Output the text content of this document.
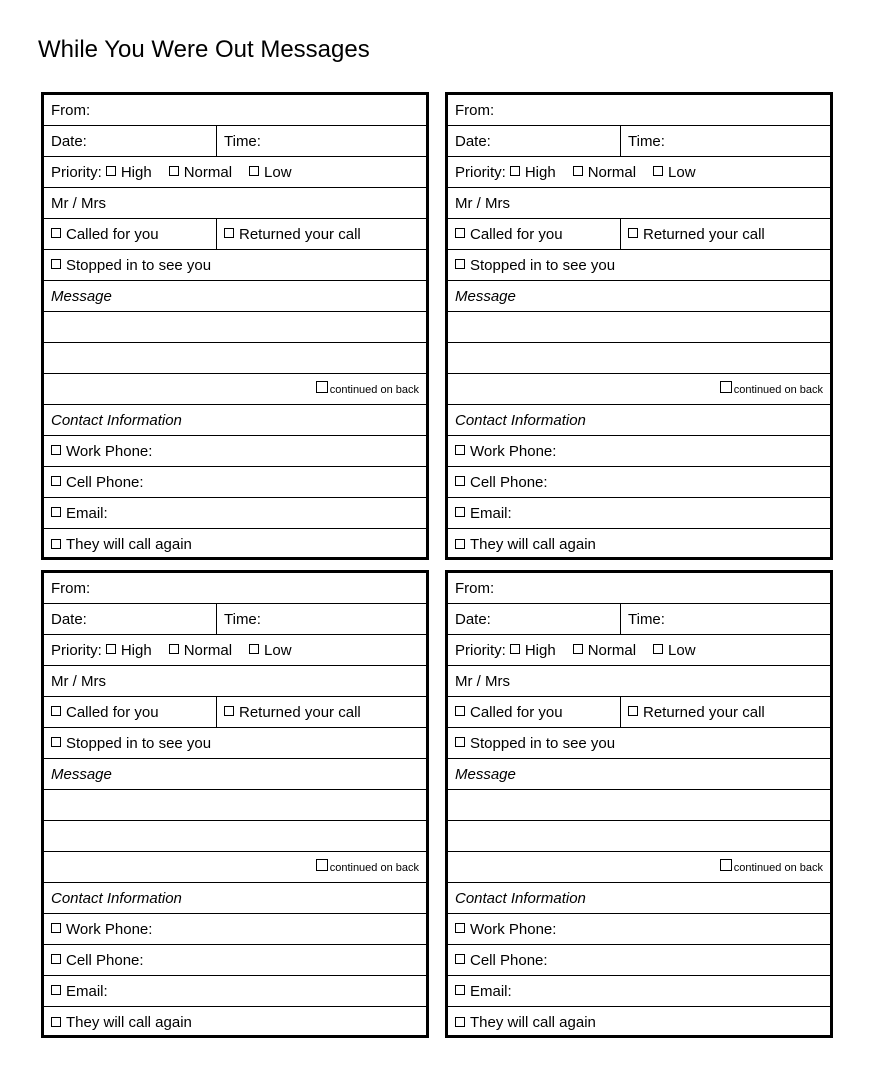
While You Were Out Messages
From:
Date:	Time:
Priority: High Normal Low
Mr / Mrs
Called for you	Returned your call
Stopped in to see you
Message
continued on back
Contact Information
Work Phone:
Cell Phone:
Email:
They will call again
From:
Date:	Time:
Priority: High Normal Low
Mr / Mrs
Called for you	Returned your call
Stopped in to see you
Message
continued on back
Contact Information
Work Phone:
Cell Phone:
Email:
They will call again
From:
Date:	Time:
Priority: High Normal Low
Mr / Mrs
Called for you	Returned your call
Stopped in to see you
Message
continued on back
Contact Information
Work Phone:
Cell Phone:
Email:
They will call again
From:
Date:	Time:
Priority: High Normal Low
Mr / Mrs
Called for you	Returned your call
Stopped in to see you
Message
continued on back
Contact Information
Work Phone:
Cell Phone:
Email:
They will call again
